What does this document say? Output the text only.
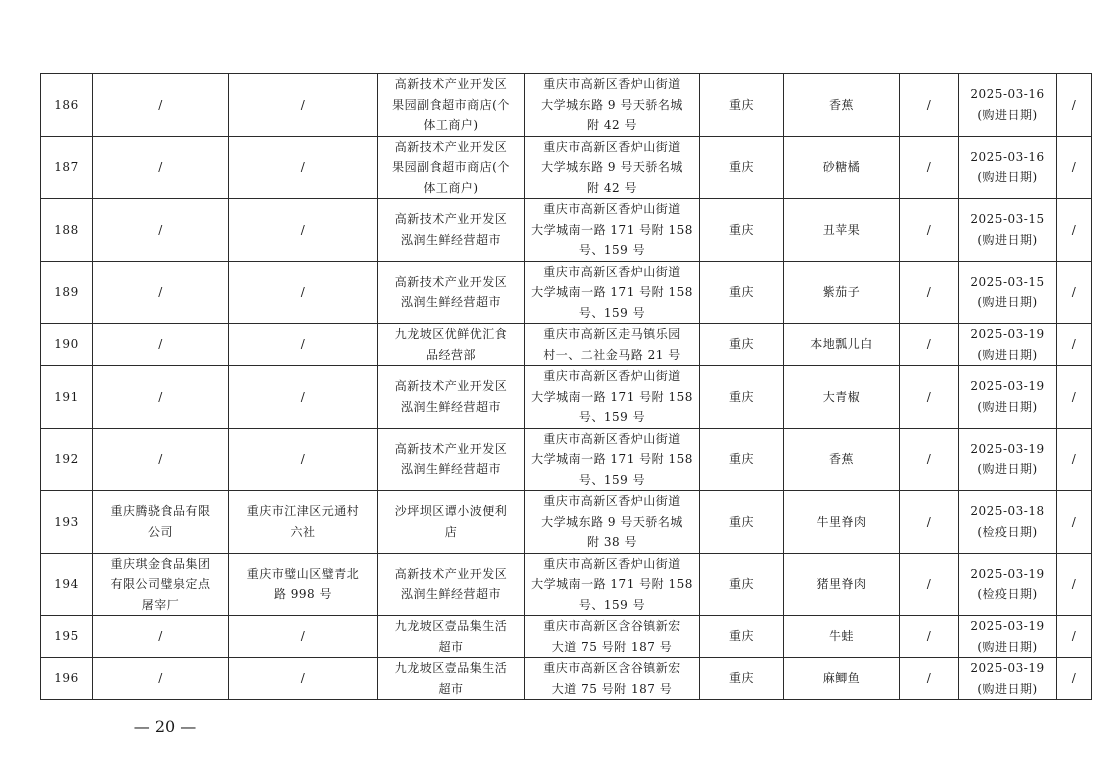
186	/	/	高新技术产业开发区
果园副食超市商店(个
体工商户)	重庆市高新区香炉山街道
大学城东路 9 号天骄名城
附 42 号	重庆	香蕉	/	2025-03-16
(购进日期)	/
187	/	/	高新技术产业开发区
果园副食超市商店(个
体工商户)	重庆市高新区香炉山街道
大学城东路 9 号天骄名城
附 42 号	重庆	砂糖橘	/	2025-03-16
(购进日期)	/
188	/	/	高新技术产业开发区
泓润生鲜经营超市	重庆市高新区香炉山街道
大学城南一路 171 号附 158
号、159 号	重庆	丑苹果	/	2025-03-15
(购进日期)	/
189	/	/	高新技术产业开发区
泓润生鲜经营超市	重庆市高新区香炉山街道
大学城南一路 171 号附 158
号、159 号	重庆	紫茄子	/	2025-03-15
(购进日期)	/
190	/	/	九龙坡区优鲜优汇食
品经营部	重庆市高新区走马镇乐园
村一、二社金马路 21 号	重庆	本地瓢儿白	/	2025-03-19
(购进日期)	/
191	/	/	高新技术产业开发区
泓润生鲜经营超市	重庆市高新区香炉山街道
大学城南一路 171 号附 158
号、159 号	重庆	大青椒	/	2025-03-19
(购进日期)	/
192	/	/	高新技术产业开发区
泓润生鲜经营超市	重庆市高新区香炉山街道
大学城南一路 171 号附 158
号、159 号	重庆	香蕉	/	2025-03-19
(购进日期)	/
193	重庆腾骁食品有限
公司	重庆市江津区元通村
六社	沙坪坝区谭小波便利
店	重庆市高新区香炉山街道
大学城东路 9 号天骄名城
附 38 号	重庆	牛里脊肉	/	2025-03-18
(检疫日期)	/
194	重庆琪金食品集团
有限公司璧泉定点
屠宰厂	重庆市璧山区璧青北
路 998 号	高新技术产业开发区
泓润生鲜经营超市	重庆市高新区香炉山街道
大学城南一路 171 号附 158
号、159 号	重庆	猪里脊肉	/	2025-03-19
(检疫日期)	/
195	/	/	九龙坡区壹品集生活
超市	重庆市高新区含谷镇新宏
大道 75 号附 187 号	重庆	牛蛙	/	2025-03-19
(购进日期)	/
196	/	/	九龙坡区壹品集生活
超市	重庆市高新区含谷镇新宏
大道 75 号附 187 号	重庆	麻鲫鱼	/	2025-03-19
(购进日期)	/
— 20 —
